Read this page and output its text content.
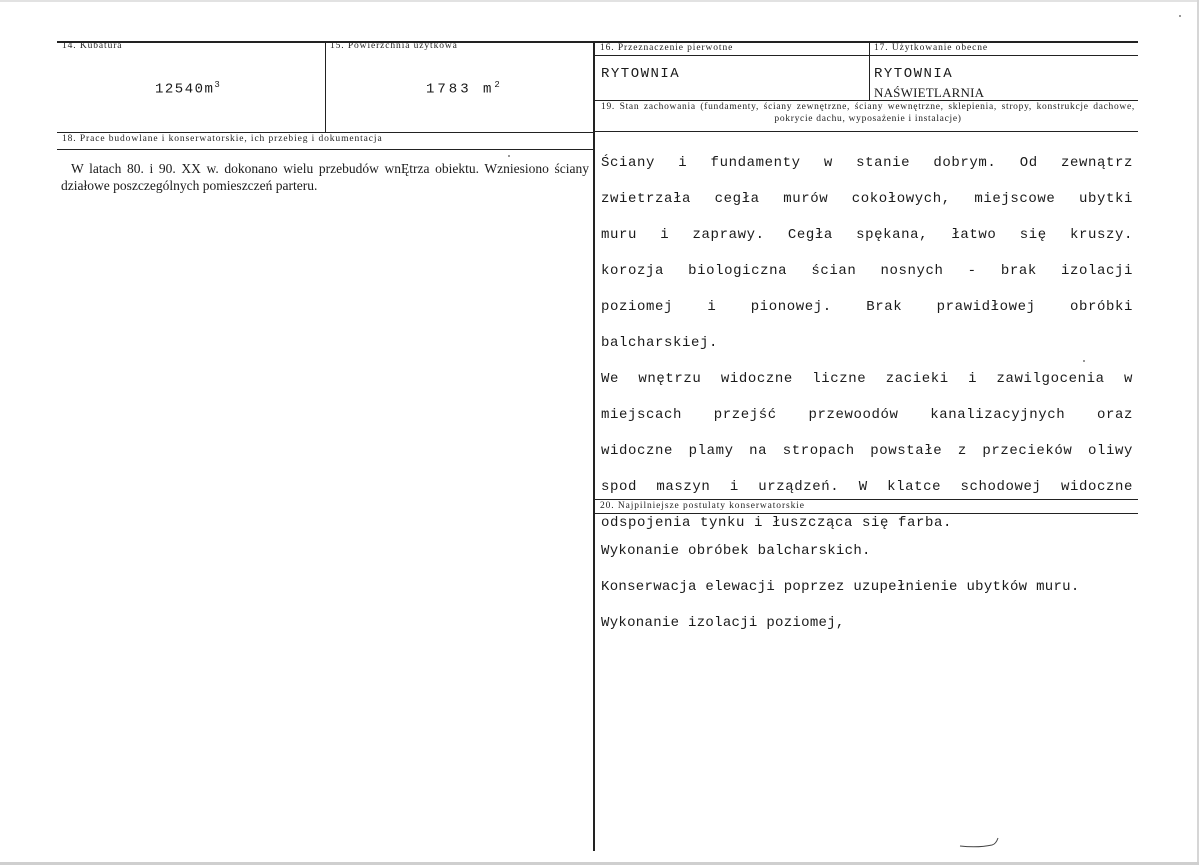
14. Kubatura
$12540m^3$
15. Powierzchnia użytkowa
1783 $m^2$
16. Przeznaczenie pierwotne
RYTOWNIA
17. Użytkowanie obecne
RYTOWNIA
NAŚWIETLARNIA
18. Prace budowlane i konserwatorskie, ich przebieg i dokumentacja
W latach 80. i 90. XX w. dokonano wielu przebudów wnĘtrza obiektu. Wzniesiono ściany działowe poszczególnych pomieszczeń parteru.
19. Stan zachowania (fundamenty, ściany zewnętrzne, ściany wewnętrzne, sklepienia, stropy, konstrukcje dachowe, pokrycie dachu, wyposażenie i instalacje)

Ściany i fundamenty w stanie dobrym. Od zewnątrz

zwietrzała cegła murów cokołowych, miejscowe ubytki

muru i zaprawy. Cegła spękana, łatwo się kruszy.

korozja biologiczna ścian nosnych - brak izolacji

poziomej i pionowej. Brak prawidłowej obróbki

balcharskiej.

We wnętrzu widoczne liczne zacieki i zawilgocenia w

miejscach przejść przewoodów kanalizacyjnych oraz

widoczne plamy na stropach powstałe z przecieków oliwy

spod maszyn i urządzeń. W klatce schodowej widoczne

odspojenia tynku i łuszcząca się farba.

20. Najpilniejsze postulaty konserwatorskie

Wykonanie obróbek balcharskich.

Konserwacja elewacji poprzez uzupełnienie ubytków muru.

Wykonanie izolacji poziomej,
